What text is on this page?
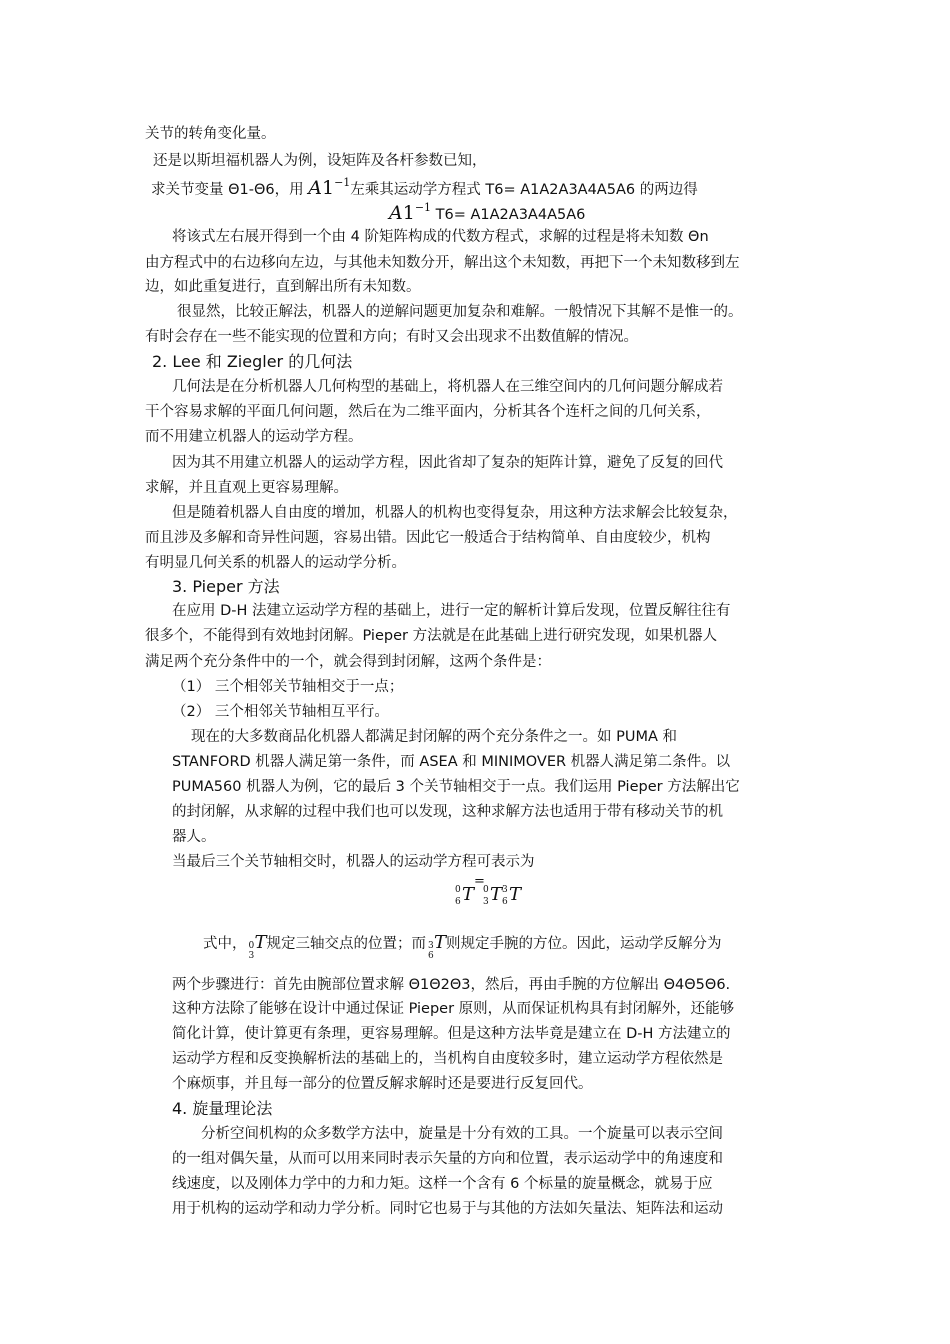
关节的转角变化量。
还是以斯坦福机器人为例，设矩阵及各杆参数已知，
求关节变量 Θ1-Θ6，用 $A1^{-1}$左乘其运动学方程式 T6= A1A2A3A4A5A6 的两边得
$A1^{-1}$ T6= A1A2A3A4A5A6
将该式左右展开得到一个由 4 阶矩阵构成的代数方程式，求解的过程是将未知数 Θn
由方程式中的右边移向左边，与其他未知数分开，解出这个未知数，再把下一个未知数移到左
边，如此重复进行，直到解出所有未知数。
很显然，比较正解法，机器人的逆解问题更加复杂和难解。一般情况下其解不是惟一的。
有时会存在一些不能实现的位置和方向；有时又会出现求不出数值解的情况。
2. Lee 和 Ziegler 的几何法
几何法是在分析机器人几何构型的基础上，将机器人在三维空间内的几何问题分解成若
干个容易求解的平面几何问题，然后在为二维平面内，分析其各个连杆之间的几何关系，
而不用建立机器人的运动学方程。
因为其不用建立机器人的运动学方程，因此省却了复杂的矩阵计算，避免了反复的回代
求解，并且直观上更容易理解。
但是随着机器人自由度的增加，机器人的机构也变得复杂，用这种方法求解会比较复杂，
而且涉及多解和奇异性问题，容易出错。因此它一般适合于结构简单、自由度较少，机构
有明显几何关系的机器人的运动学分析。
3. Pieper 方法
在应用 D-H 法建立运动学方程的基础上，进行一定的解析计算后发现，位置反解往往有
很多个，不能得到有效地封闭解。Pieper 方法就是在此基础上进行研究发现，如果机器人
满足两个充分条件中的一个，就会得到封闭解，这两个条件是：
（1） 三个相邻关节轴相交于一点；
（2） 三个相邻关节轴相互平行。
现在的大多数商品化机器人都满足封闭解的两个充分条件之一。如 PUMA 和
STANFORD 机器人满足第一条件，而 ASEA 和 MINIMOVER 机器人满足第二条件。以
PUMA560 机器人为例，它的最后 3 个关节轴相交于一点。我们运用 Pieper 方法解出它
的封闭解，从求解的过程中我们也可以发现，这种求解方法也适用于带有移动关节的机
器人。
当最后三个关节轴相交时，机器人的运动学方程可表示为
0
6 T
=
0
3 T 3
6 T
式中， 0
3
T 规定三轴交点的位置；而 3
6
T 则规定手腕的方位。因此，运动学反解分为
两个步骤进行：首先由腕部位置求解 Θ1Θ2Θ3，然后，再由手腕的方位解出 Θ4Θ5Θ6.
这种方法除了能够在设计中通过保证 Pieper 原则，从而保证机构具有封闭解外，还能够
简化计算，使计算更有条理，更容易理解。但是这种方法毕竟是建立在 D-H 方法建立的
运动学方程和反变换解析法的基础上的，当机构自由度较多时，建立运动学方程依然是
个麻烦事，并且每一部分的位置反解求解时还是要进行反复回代。
4. 旋量理论法
分析空间机构的众多数学方法中，旋量是十分有效的工具。一个旋量可以表示空间
的一组对偶矢量，从而可以用来同时表示矢量的方向和位置，表示运动学中的角速度和
线速度，以及刚体力学中的力和力矩。这样一个含有 6 个标量的旋量概念，就易于应
用于机构的运动学和动力学分析。同时它也易于与其他的方法如矢量法、矩阵法和运动
